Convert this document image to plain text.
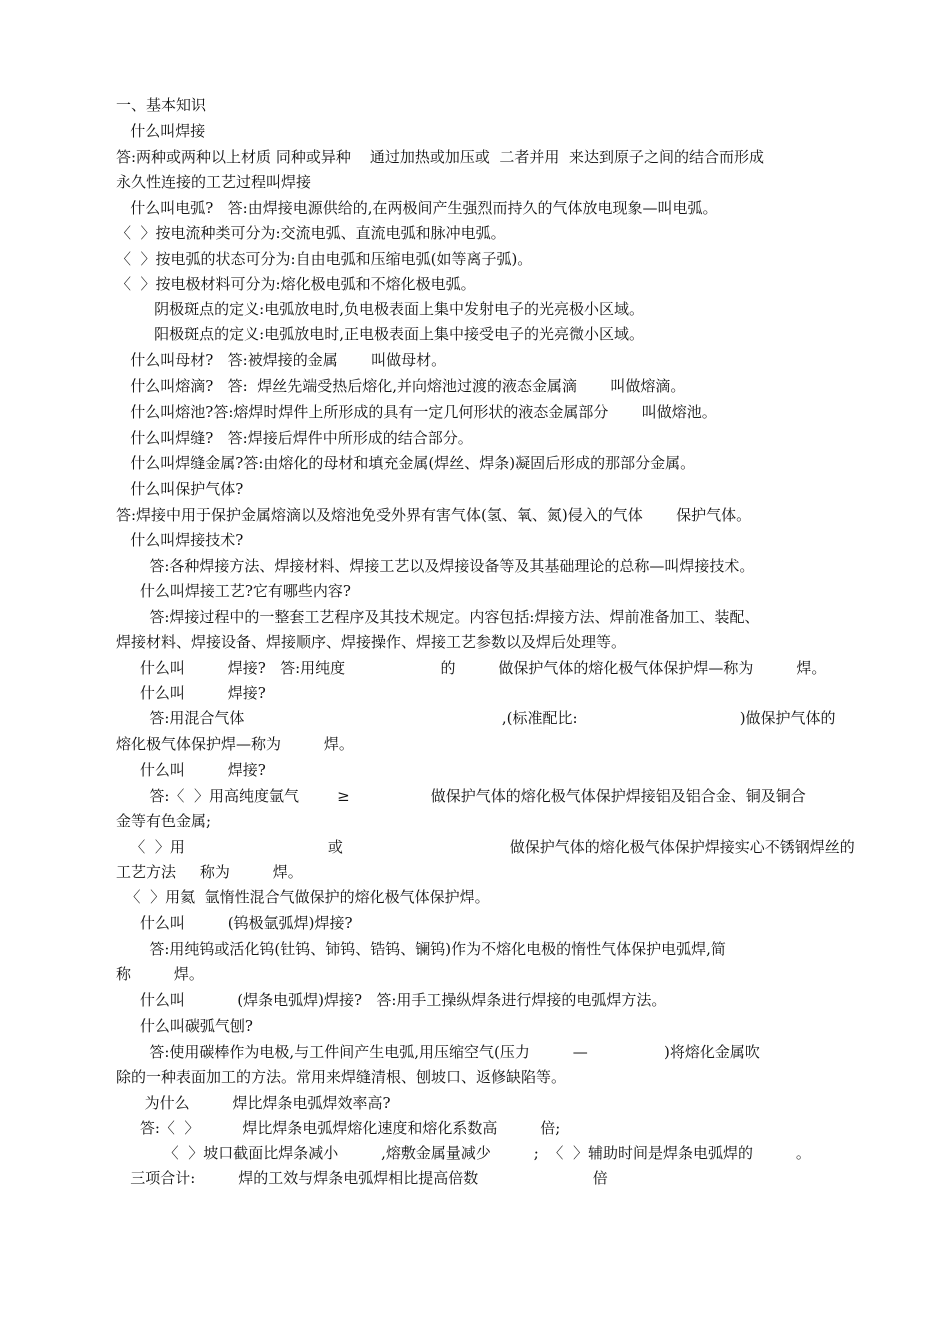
一、基本知识
什么叫焊接
答:两种或两种以上材质 同种或异种    通过加热或加压或  二者并用  来达到原子之间的结合而形成
永久性连接的工艺过程叫焊接
什么叫电弧?   答:由焊接电源供给的,在两极间产生强烈而持久的气体放电现象—叫电弧。
〈  〉按电流种类可分为:交流电弧、直流电弧和脉冲电弧。
〈  〉按电弧的状态可分为:自由电弧和压缩电弧(如等离子弧)。
〈  〉按电极材料可分为:熔化极电弧和不熔化极电弧。
阴极斑点的定义:电弧放电时,负电极表面上集中发射电子的光亮极小区域。
阳极斑点的定义:电弧放电时,正电极表面上集中接受电子的光亮微小区域。
什么叫母材?   答:被焊接的金属       叫做母材。
什么叫熔滴?   答:  焊丝先端受热后熔化,并向熔池过渡的液态金属滴       叫做熔滴。
什么叫熔池?答:熔焊时焊件上所形成的具有一定几何形状的液态金属部分       叫做熔池。
什么叫焊缝?   答:焊接后焊件中所形成的结合部分。
什么叫焊缝金属?答:由熔化的母材和填充金属(焊丝、焊条)凝固后形成的那部分金属。
什么叫保护气体?
答:焊接中用于保护金属熔滴以及熔池免受外界有害气体(氢、氧、氮)侵入的气体       保护气体。
什么叫焊接技术?
答:各种焊接方法、焊接材料、焊接工艺以及焊接设备等及其基础理论的总称—叫焊接技术。
什么叫焊接工艺?它有哪些内容?
答:焊接过程中的一整套工艺程序及其技术规定。内容包括:焊接方法、焊前准备加工、装配、
焊接材料、焊接设备、焊接顺序、焊接操作、焊接工艺参数以及焊后处理等。
什么叫         焊接?   答:用纯度                    的         做保护气体的熔化极气体保护焊—称为         焊。
什么叫         焊接?
答:用混合气体                                                      ,(标准配比:                                  )做保护气体的
熔化极气体保护焊—称为         焊。
什么叫         焊接?
答:〈  〉用高纯度氩气        ≥                 做保护气体的熔化极气体保护焊接铝及铝合金、铜及铜合
金等有色金属;
〈  〉用                              或                                   做保护气体的熔化极气体保护焊接实心不锈钢焊丝的
工艺方法     称为         焊。
〈  〉用氦  氩惰性混合气做保护的熔化极气体保护焊。
什么叫         (钨极氩弧焊)焊接?
答:用纯钨或活化钨(钍钨、铈钨、锆钨、镧钨)作为不熔化电极的惰性气体保护电弧焊,简
称         焊。
什么叫           (焊条电弧焊)焊接?   答:用手工操纵焊条进行焊接的电弧焊方法。
什么叫碳弧气刨?
答:使用碳棒作为电极,与工件间产生电弧,用压缩空气(压力         —                )将熔化金属吹
除的一种表面加工的方法。常用来焊缝清根、刨坡口、返修缺陷等。
为什么         焊比焊条电弧焊效率高?
答:〈  〉         焊比焊条电弧焊熔化速度和熔化系数高         倍;
〈  〉坡口截面比焊条减小         ,熔敷金属量减少         ;  〈  〉辅助时间是焊条电弧焊的         。
三项合计:         焊的工效与焊条电弧焊相比提高倍数                        倍
